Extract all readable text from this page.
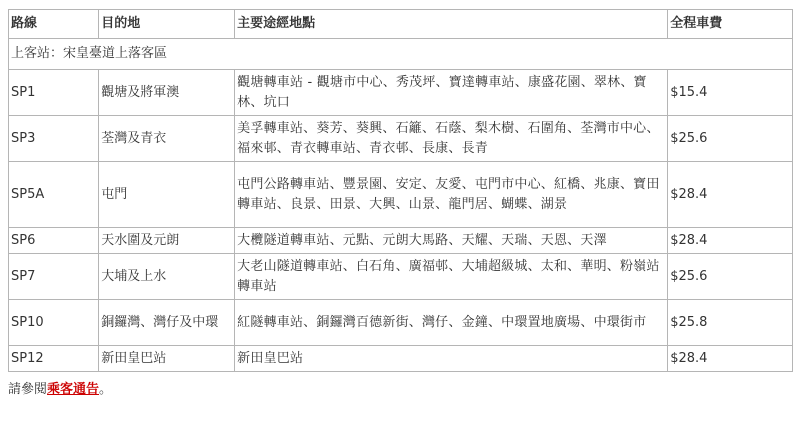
路線	目的地	主要途經地點	全程車費
上客站：宋皇臺道上落客區			
SP1	觀塘及將軍澳	觀塘轉車站 - 觀塘市中心、秀茂坪、寶達轉車站、康盛花園、翠林、寶林、坑口	$15.4
SP3	荃灣及青衣	美孚轉車站、葵芳、葵興、石籬、石蔭、梨木樹、石圍角、荃灣市中心、福來邨、青衣轉車站、青衣邨、長康、長青	$25.6
SP5A	屯門	屯門公路轉車站、豐景園、安定、友愛、屯門市中心、紅橋、兆康、寶田轉車站、良景、田景、大興、山景、龍門居、蝴蝶、湖景	$28.4
SP6	天水圍及元朗	大欖隧道轉車站、元點、元朗大馬路、天耀、天瑞、天恩、天澤	$28.4
SP7	大埔及上水	大老山隧道轉車站、白石角、廣福邨、大埔超級城、太和、華明、粉嶺站轉車站	$25.6
SP10	銅鑼灣、灣仔及中環	紅隧轉車站、銅鑼灣百德新街、灣仔、金鐘、中環置地廣場、中環街市	$25.8
SP12	新田皇巴站	新田皇巴站	$28.4
請參閱乘客通告。
